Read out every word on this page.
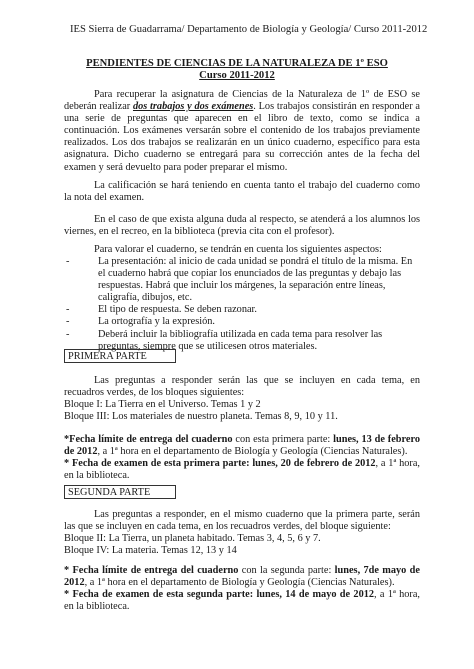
IES Sierra de Guadarrama/ Departamento de Biología y Geología/ Curso 2011-2012
PENDIENTES DE CIENCIAS DE LA NATURALEZA DE 1º ESO
Curso 2011-2012

Para recuperar la asignatura de Ciencias de la Naturaleza de 1º de ESO se deberán realizar dos trabajos y dos exámenes. Los trabajos consistirán en responder a una serie de preguntas que aparecen en el libro de texto, como se indica a continuación. Los exámenes versarán sobre el contenido de los trabajos previamente realizados. Los dos trabajos se realizarán en un único cuaderno, específico para esta asignatura. Dicho cuaderno se entregará para su corrección antes de la fecha del examen y será devuelto para poder preparar el mismo.

La calificación se hará teniendo en cuenta tanto el trabajo del cuaderno como la nota del examen.

En el caso de que exista alguna duda al respecto, se atenderá a los alumnos los viernes, en el recreo, en la biblioteca (previa cita con el profesor).

Para valorar el cuaderno, se tendrán en cuenta los siguientes aspectos:

- La presentación: al inicio de cada unidad se pondrá el título de la misma. En el cuaderno habrá que copiar los enunciados de las preguntas y debajo las respuestas. Habrá que incluir los márgenes, la separación entre líneas, caligrafía, dibujos, etc.
- El tipo de respuesta. Se deben razonar.
- La ortografía y la expresión.
- Deberá incluir la bibliografía utilizada en cada tema para resolver las preguntas, siempre que se utilicesen otros materiales.
PRIMERA PARTE

Las preguntas a responder serán las que se incluyen en cada tema, en recuadros verdes, de los bloques siguientes:

Bloque I: La Tierra en el Universo. Temas 1 y 2

Bloque III: Los materiales de nuestro planeta. Temas 8, 9, 10 y 11.

*Fecha límite de entrega del cuaderno con esta primera parte: lunes, 13 de febrero de 2012, a 1ª hora en el departamento de Biología y Geología (Ciencias Naturales).

* Fecha de examen de esta primera parte: lunes, 20 de febrero de 2012, a 1ª hora, en la biblioteca.

SEGUNDA PARTE

Las preguntas a responder, en el mismo cuaderno que la primera parte, serán las que se incluyen en cada tema, en los recuadros verdes, del bloque siguiente:

Bloque II: La Tierra, un planeta habitado. Temas 3, 4, 5, 6 y 7.

Bloque IV: La materia. Temas 12, 13 y 14

* Fecha límite de entrega del cuaderno con la segunda parte: lunes, 7de mayo de 2012, a 1ª hora en el departamento de Biología y Geología (Ciencias Naturales).

* Fecha de examen de esta segunda parte: lunes, 14 de mayo de 2012, a 1ª hora, en la biblioteca.
